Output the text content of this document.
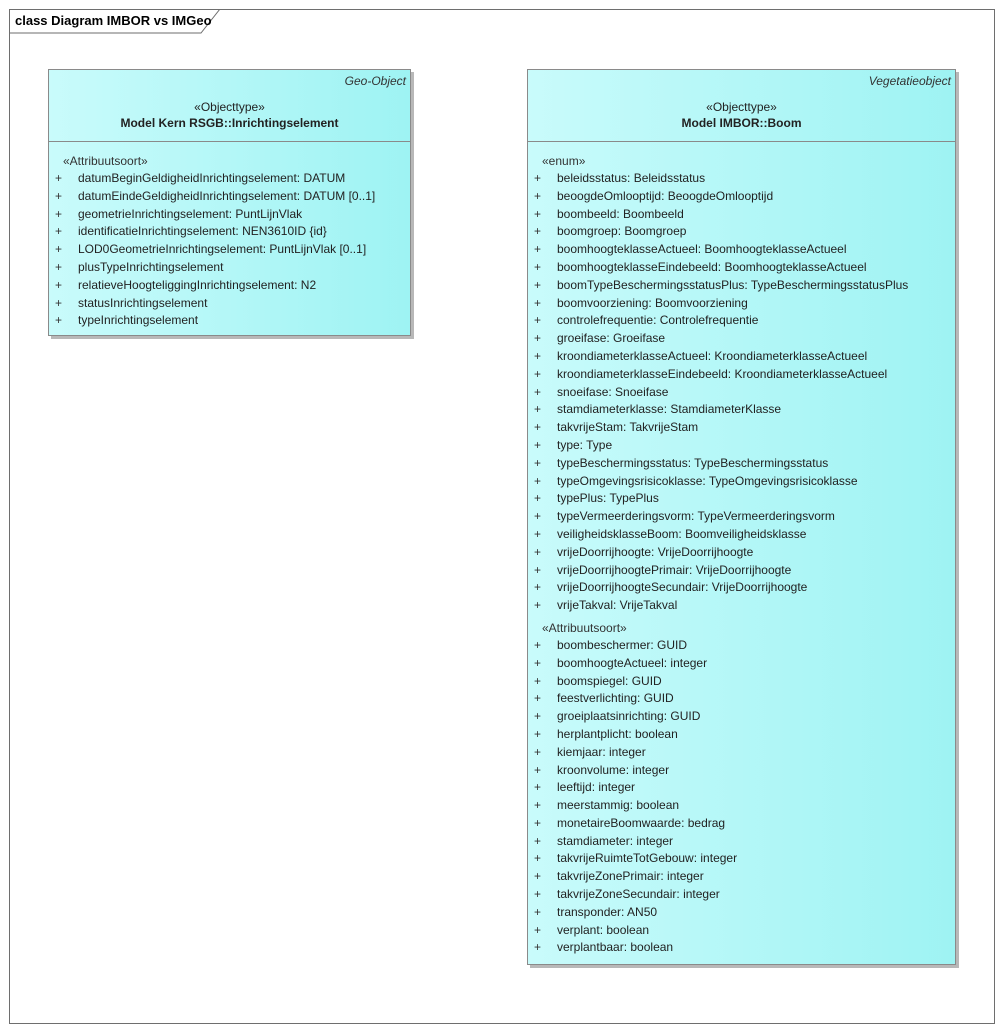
class Diagram IMBOR vs IMGeo
Geo-Object
«Objecttype»
Model Kern RSGB::Inrichtingselement
«Attribuutsoort»
+	datumBeginGeldigheidInrichtingselement: DATUM
+	datumEindeGeldigheidInrichtingselement: DATUM [0..1]
+	geometrieInrichtingselement: PuntLijnVlak
+	identificatieInrichtingselement: NEN3610ID {id}
+	LOD0GeometrieInrichtingselement: PuntLijnVlak [0..1]
+	plusTypeInrichtingselement
+	relatieveHoogteliggingInrichtingselement: N2
+	statusInrichtingselement
+	typeInrichtingselement
Vegetatieobject
«Objecttype»
Model IMBOR::Boom
«enum»
+	beleidsstatus: Beleidsstatus
+	beoogdeOmlooptijd: BeoogdeOmlooptijd
+	boombeeld: Boombeeld
+	boomgroep: Boomgroep
+	boomhoogteklasseActueel: BoomhoogteklasseActueel
+	boomhoogteklasseEindebeeld: BoomhoogteklasseActueel
+	boomTypeBeschermingsstatusPlus: TypeBeschermingsstatusPlus
+	boomvoorziening: Boomvoorziening
+	controlefrequentie: Controlefrequentie
+	groeifase: Groeifase
+	kroondiameterklasseActueel: KroondiameterklasseActueel
+	kroondiameterklasseEindebeeld: KroondiameterklasseActueel
+	snoeifase: Snoeifase
+	stamdiameterklasse: StamdiameterKlasse
+	takvrijeStam: TakvrijeStam
+	type: Type
+	typeBeschermingsstatus: TypeBeschermingsstatus
+	typeOmgevingsrisicoklasse: TypeOmgevingsrisicoklasse
+	typePlus: TypePlus
+	typeVermeerderingsvorm: TypeVermeerderingsvorm
+	veiligheidsklasseBoom: Boomveiligheidsklasse
+	vrijeDoorrijhoogte: VrijeDoorrijhoogte
+	vrijeDoorrijhoogtePrimair: VrijeDoorrijhoogte
+	vrijeDoorrijhoogteSecundair: VrijeDoorrijhoogte
+	vrijeTakval: VrijeTakval
«Attribuutsoort»
+	boombeschermer: GUID
+	boomhoogteActueel: integer
+	boomspiegel: GUID
+	feestverlichting: GUID
+	groeiplaatsinrichting: GUID
+	herplantplicht: boolean
+	kiemjaar: integer
+	kroonvolume: integer
+	leeftijd: integer
+	meerstammig: boolean
+	monetaireBoomwaarde: bedrag
+	stamdiameter: integer
+	takvrijeRuimteTotGebouw: integer
+	takvrijeZonePrimair: integer
+	takvrijeZoneSecundair: integer
+	transponder: AN50
+	verplant: boolean
+	verplantbaar: boolean
